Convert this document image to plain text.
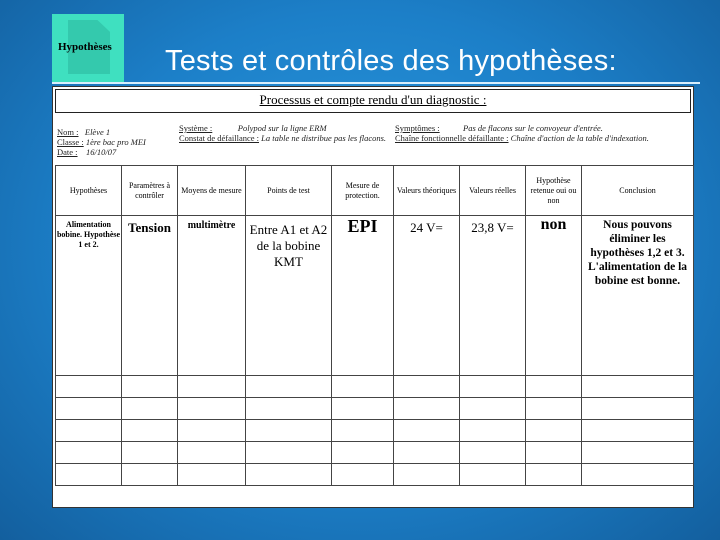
Hypothèses Tests et contrôles des hypothèses:
Processus et compte rendu d'un diagnostic :
Nom : Elève 1
Classe : 1ère bac pro MEI
Date : 16/10/07
Système :	Polypod sur la ligne ERM
Constat de défaillance : La table ne distribue pas les flacons.
Symptômes :	Pas de flacons sur le convoyeur d'entrée.
Chaîne fonctionnelle défaillante : Chaîne d'action de la table d'indexation.
Hypothèses	Paramètres à contrôler	Moyens de mesure	Points de test	Mesure de protection.	Valeurs théoriques	Valeurs réelles	Hypothèse retenue oui ou non	Conclusion
Alimentation bobine. Hypothèse 1 et 2.	Tension	multimètre	Entre A1 et A2 de la bobine KMT	EPI	24 V=	23,8 V=	non	Nous pouvons éliminer les hypothèses 1,2 et 3. L'alimentation de la bobine est bonne.
